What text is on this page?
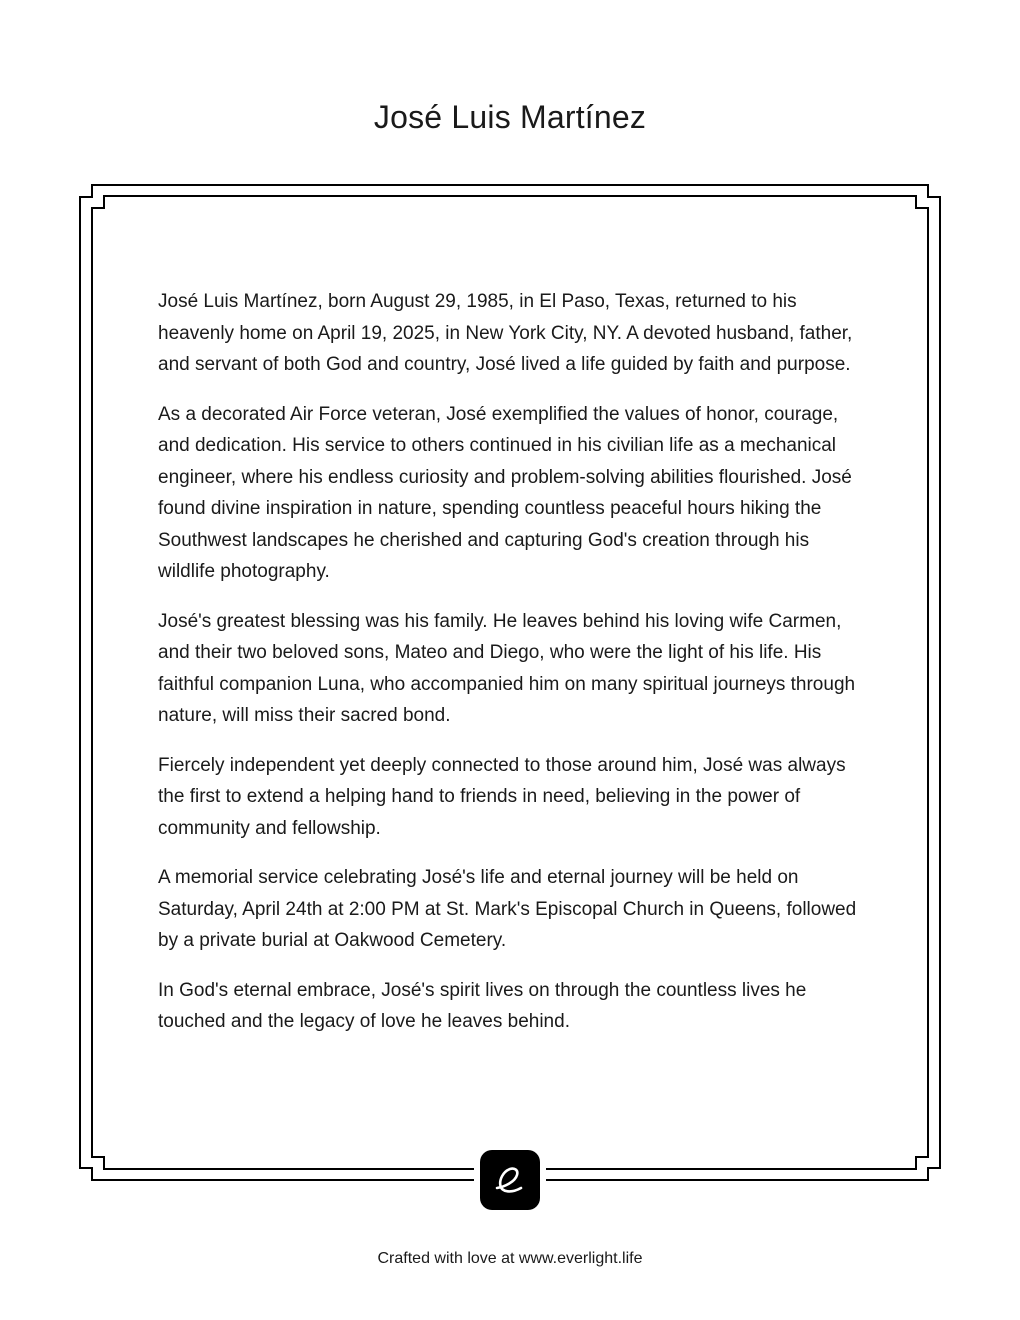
José Luis Martínez

José Luis Martínez, born August 29, 1985, in El Paso, Texas, returned to his heavenly home on April 19, 2025, in New York City, NY. A devoted husband, father, and servant of both God and country, José lived a life guided by faith and purpose.

As a decorated Air Force veteran, José exemplified the values of honor, courage, and dedication. His service to others continued in his civilian life as a mechanical engineer, where his endless curiosity and problem-solving abilities flourished. José found divine inspiration in nature, spending countless peaceful hours hiking the Southwest landscapes he cherished and capturing God's creation through his wildlife photography.

José's greatest blessing was his family. He leaves behind his loving wife Carmen, and their two beloved sons, Mateo and Diego, who were the light of his life. His faithful companion Luna, who accompanied him on many spiritual journeys through nature, will miss their sacred bond.

Fiercely independent yet deeply connected to those around him, José was always the first to extend a helping hand to friends in need, believing in the power of community and fellowship.

A memorial service celebrating José's life and eternal journey will be held on Saturday, April 24th at 2:00 PM at St. Mark's Episcopal Church in Queens, followed by a private burial at Oakwood Cemetery.

In God's eternal embrace, José's spirit lives on through the countless lives he touched and the legacy of love he leaves behind.

Crafted with love at www.everlight.life
